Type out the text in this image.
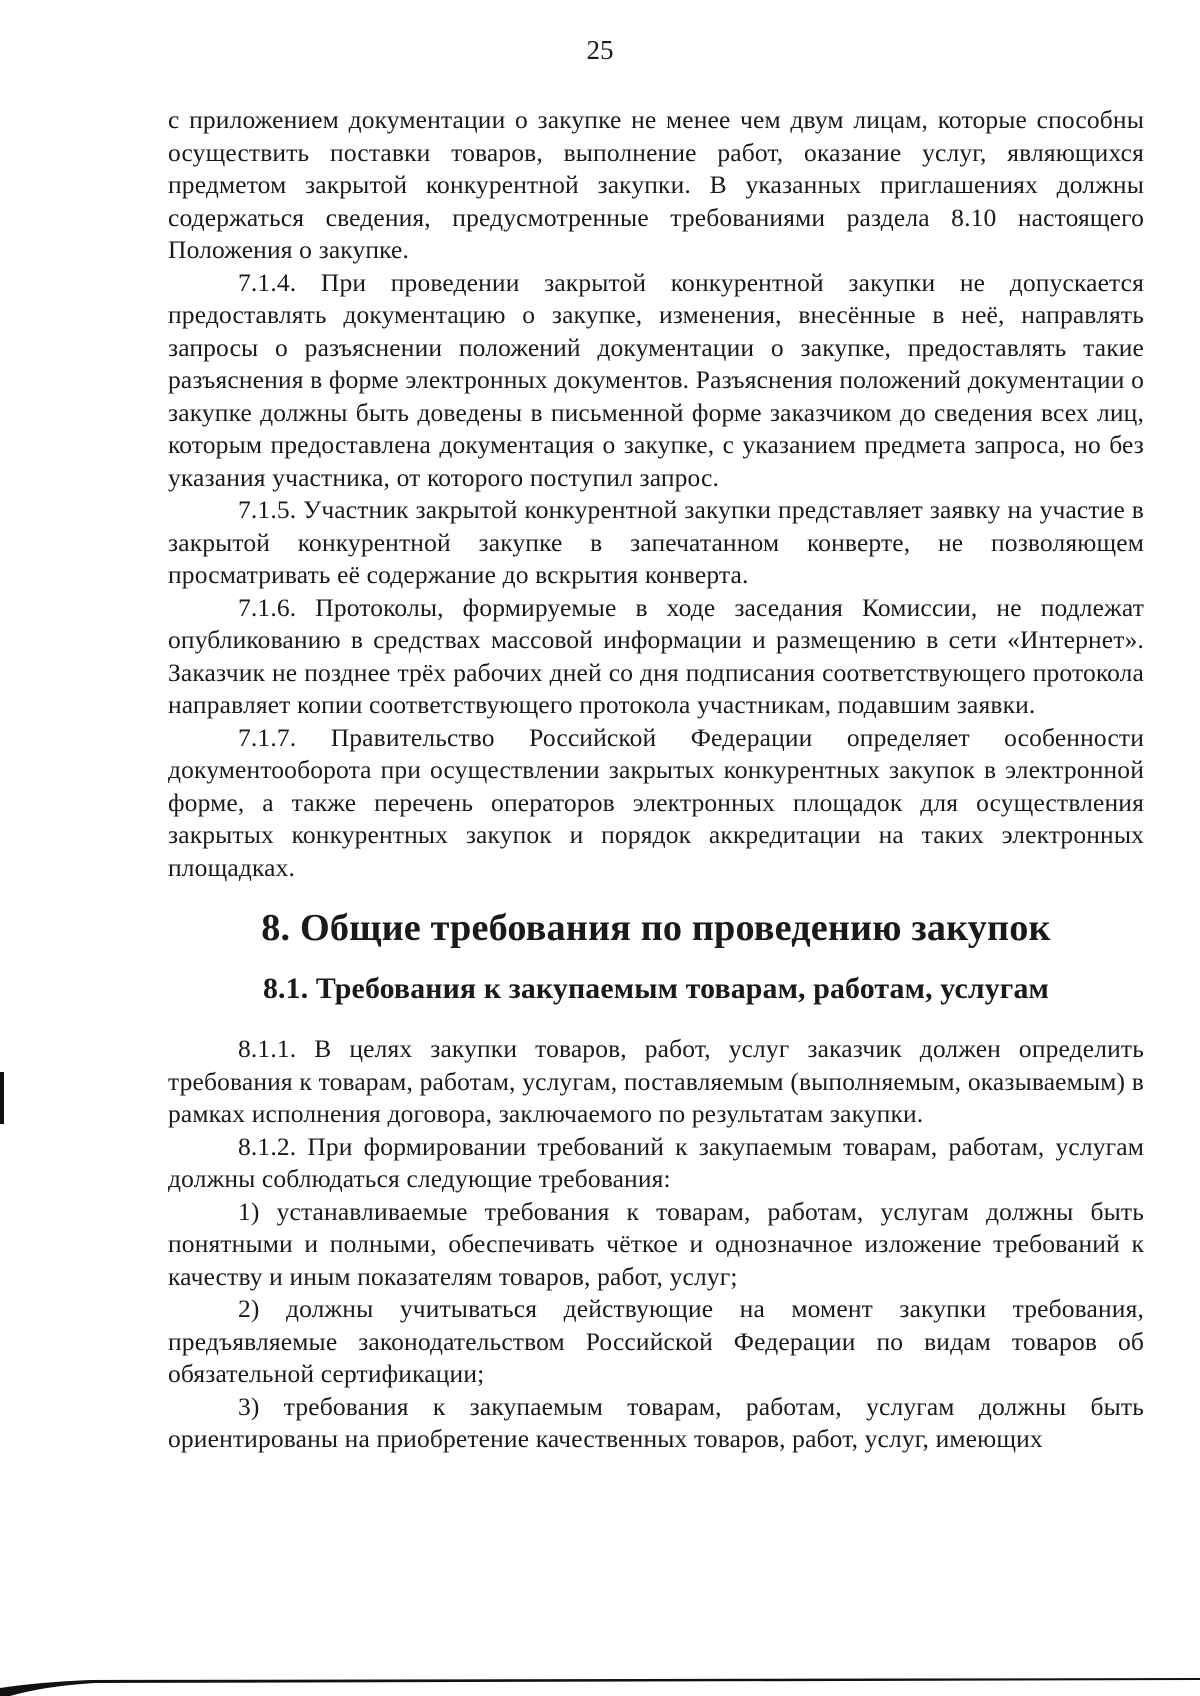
25

с приложением документации о закупке не менее чем двум лицам, которые способны осуществить поставки товаров, выполнение работ, оказание услуг, являющихся предметом закрытой конкурентной закупки. В указанных приглашениях должны содержаться сведения, предусмотренные требованиями раздела 8.10 настоящего Положения о закупке.

7.1.4. При проведении закрытой конкурентной закупки не допускается предоставлять документацию о закупке, изменения, внесённые в неё, направлять запросы о разъяснении положений документации о закупке, предоставлять такие разъяснения в форме электронных документов. Разъяснения положений документации о закупке должны быть доведены в письменной форме заказчиком до сведения всех лиц, которым предоставлена документация о закупке, с указанием предмета запроса, но без указания участника, от которого поступил запрос.

7.1.5. Участник закрытой конкурентной закупки представляет заявку на участие в закрытой конкурентной закупке в запечатанном конверте, не позволяющем просматривать её содержание до вскрытия конверта.

7.1.6. Протоколы, формируемые в ходе заседания Комиссии, не подлежат опубликованию в средствах массовой информации и размещению в сети «Интернет». Заказчик не позднее трёх рабочих дней со дня подписания соответствующего протокола направляет копии соответствующего протокола участникам, подавшим заявки.

7.1.7. Правительство Российской Федерации определяет особенности документооборота при осуществлении закрытых конкурентных закупок в электронной форме, а также перечень операторов электронных площадок для осуществления закрытых конкурентных закупок и порядок аккредитации на таких электронных площадках.

8. Общие требования по проведению закупок
8.1. Требования к закупаемым товарам, работам, услугам

8.1.1. В целях закупки товаров, работ, услуг заказчик должен определить требования к товарам, работам, услугам, поставляемым (выполняемым, оказываемым) в рамках исполнения договора, заключаемого по результатам закупки.

8.1.2. При формировании требований к закупаемым товарам, работам, услугам должны соблюдаться следующие требования:

1) устанавливаемые требования к товарам, работам, услугам должны быть понятными и полными, обеспечивать чёткое и однозначное изложение требований к качеству и иным показателям товаров, работ, услуг;

2) должны учитываться действующие на момент закупки требования, предъявляемые законодательством Российской Федерации по видам товаров об обязательной сертификации;

3) требования к закупаемым товарам, работам, услугам должны быть ориентированы на приобретение качественных товаров, работ, услуг, имеющих
